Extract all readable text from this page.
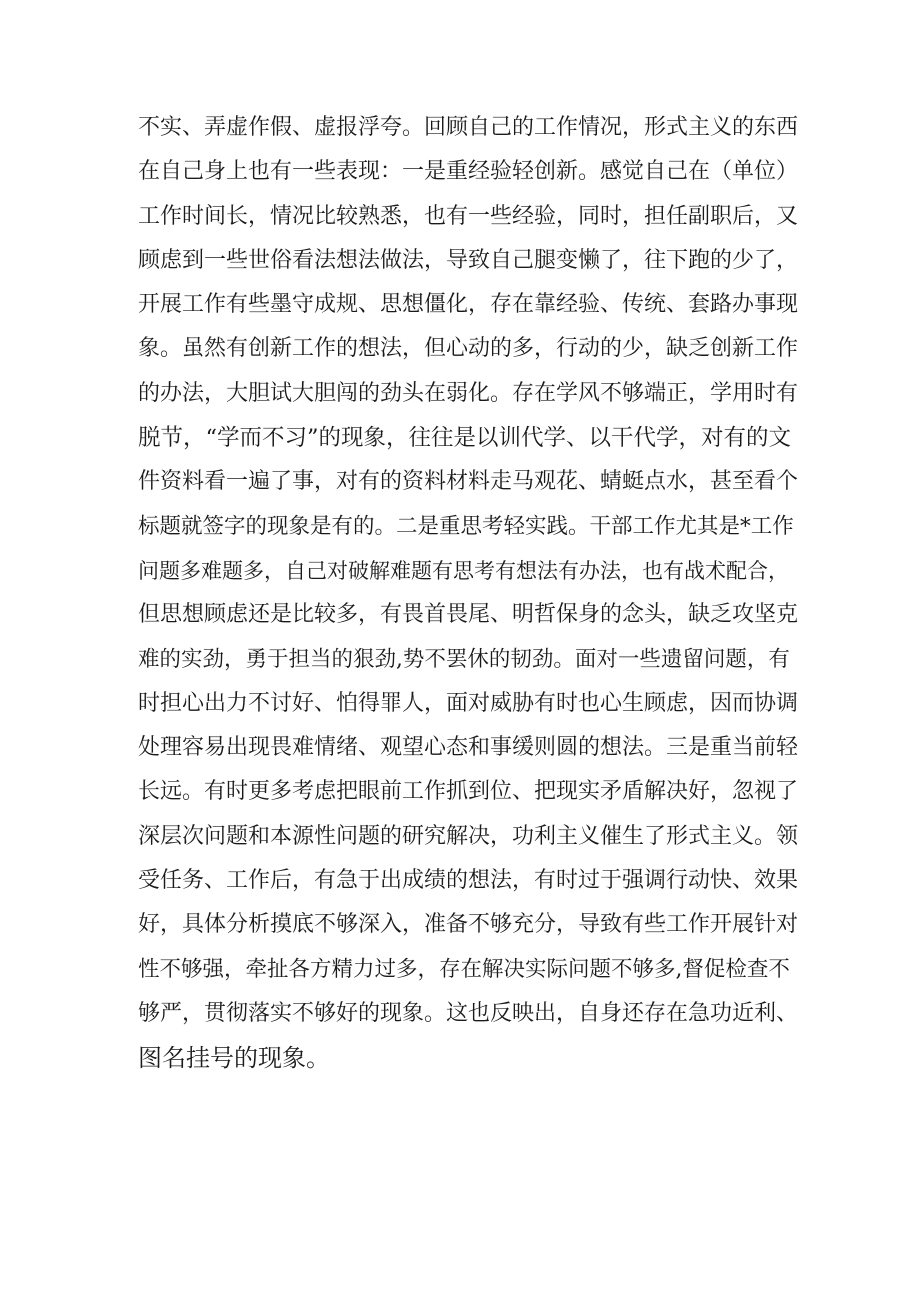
不实、弄虚作假、虚报浮夸。回顾自己的工作情况，形式主义的东西
在自己身上也有一些表现：一是重经验轻创新。感觉自己在（单位）
工作时间长，情况比较熟悉，也有一些经验，同时，担任副职后，又
顾虑到一些世俗看法想法做法，导致自己腿变懒了，往下跑的少了，
开展工作有些墨守成规、思想僵化，存在靠经验、传统、套路办事现
象。虽然有创新工作的想法，但心动的多，行动的少，缺乏创新工作
的办法，大胆试大胆闯的劲头在弱化。存在学风不够端正，学用时有
脱节，“学而不习”的现象，往往是以训代学、以干代学，对有的文
件资料看一遍了事，对有的资料材料走马观花、蜻蜓点水，甚至看个
标题就签字的现象是有的。二是重思考轻实践。干部工作尤其是*工作
问题多难题多，自己对破解难题有思考有想法有办法，也有战术配合，
但思想顾虑还是比较多，有畏首畏尾、明哲保身的念头，缺乏攻坚克
难的实劲，勇于担当的狠劲,势不罢休的韧劲。面对一些遗留问题，有
时担心出力不讨好、怕得罪人，面对威胁有时也心生顾虑，因而协调
处理容易出现畏难情绪、观望心态和事缓则圆的想法。三是重当前轻
长远。有时更多考虑把眼前工作抓到位、把现实矛盾解决好，忽视了
深层次问题和本源性问题的研究解决，功利主义催生了形式主义。领
受任务、工作后，有急于出成绩的想法，有时过于强调行动快、效果
好，具体分析摸底不够深入，准备不够充分，导致有些工作开展针对
性不够强，牵扯各方精力过多，存在解决实际问题不够多,督促检查不
够严，贯彻落实不够好的现象。这也反映出，自身还存在急功近利、
图名挂号的现象。
